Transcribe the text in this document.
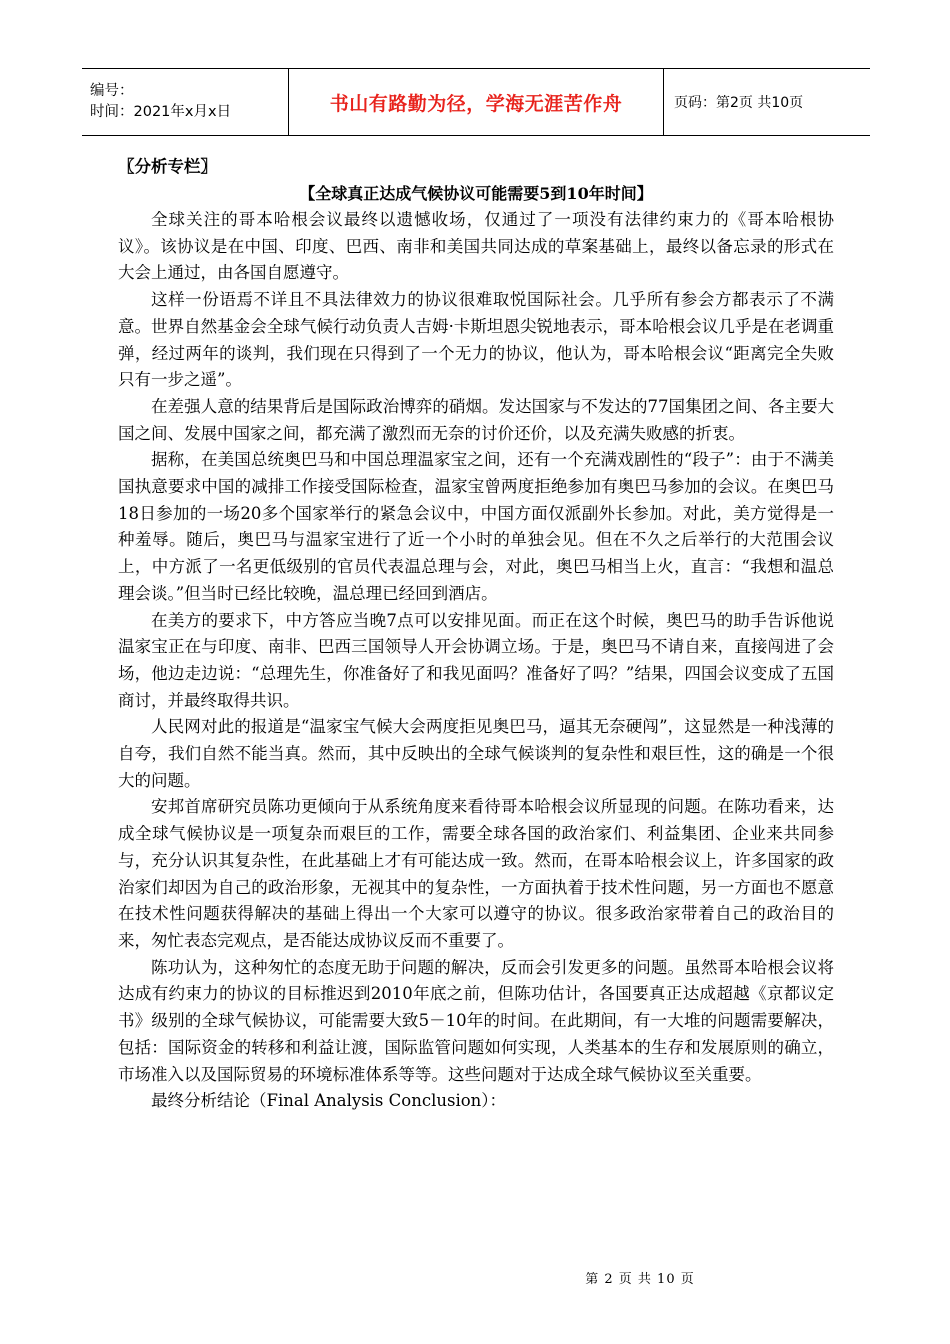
编号：
时间：2021年x月x日	书山有路勤为径，学海无涯苦作舟	页码：第2页 共10页

〖分析专栏〗

【全球真正达成气候协议可能需要5到10年时间】

全球关注的哥本哈根会议最终以遗憾收场，仅通过了一项没有法律约束力的《哥本哈根协议》。该协议是在中国、印度、巴西、南非和美国共同达成的草案基础上，最终以备忘录的形式在大会上通过，由各国自愿遵守。

这样一份语焉不详且不具法律效力的协议很难取悦国际社会。几乎所有参会方都表示了不满意。世界自然基金会全球气候行动负责人吉姆·卡斯坦恩尖锐地表示，哥本哈根会议几乎是在老调重弹，经过两年的谈判，我们现在只得到了一个无力的协议，他认为，哥本哈根会议“距离完全失败只有一步之遥”。

在差强人意的结果背后是国际政治博弈的硝烟。发达国家与不发达的77国集团之间、各主要大国之间、发展中国家之间，都充满了激烈而无奈的讨价还价，以及充满失败感的折衷。

据称，在美国总统奥巴马和中国总理温家宝之间，还有一个充满戏剧性的“段子”：由于不满美国执意要求中国的减排工作接受国际检查，温家宝曾两度拒绝参加有奥巴马参加的会议。在奥巴马18日参加的一场20多个国家举行的紧急会议中，中国方面仅派副外长参加。对此，美方觉得是一种羞辱。随后，奥巴马与温家宝进行了近一个小时的单独会见。但在不久之后举行的大范围会议上，中方派了一名更低级别的官员代表温总理与会，对此，奥巴马相当上火，直言：“我想和温总理会谈。”但当时已经比较晚，温总理已经回到酒店。

在美方的要求下，中方答应当晚7点可以安排见面。而正在这个时候，奥巴马的助手告诉他说温家宝正在与印度、南非、巴西三国领导人开会协调立场。于是，奥巴马不请自来，直接闯进了会场，他边走边说：“总理先生，你准备好了和我见面吗？准备好了吗？”结果，四国会议变成了五国商讨，并最终取得共识。

人民网对此的报道是“温家宝气候大会两度拒见奥巴马，逼其无奈硬闯”，这显然是一种浅薄的自夸，我们自然不能当真。然而，其中反映出的全球气候谈判的复杂性和艰巨性，这的确是一个很大的问题。

安邦首席研究员陈功更倾向于从系统角度来看待哥本哈根会议所显现的问题。在陈功看来，达成全球气候协议是一项复杂而艰巨的工作，需要全球各国的政治家们、利益集团、企业来共同参与，充分认识其复杂性，在此基础上才有可能达成一致。然而，在哥本哈根会议上，许多国家的政治家们却因为自己的政治形象，无视其中的复杂性，一方面执着于技术性问题，另一方面也不愿意在技术性问题获得解决的基础上得出一个大家可以遵守的协议。很多政治家带着自己的政治目的来，匆忙表态完观点，是否能达成协议反而不重要了。

陈功认为，这种匆忙的态度无助于问题的解决，反而会引发更多的问题。虽然哥本哈根会议将达成有约束力的协议的目标推迟到2010年底之前，但陈功估计，各国要真正达成超越《京都议定书》级别的全球气候协议，可能需要大致5－10年的时间。在此期间，有一大堆的问题需要解决，包括：国际资金的转移和利益让渡，国际监管问题如何实现，人类基本的生存和发展原则的确立，市场准入以及国际贸易的环境标准体系等等。这些问题对于达成全球气候协议至关重要。

最终分析结论（Final Analysis Conclusion）：

第 2 页 共 10 页
